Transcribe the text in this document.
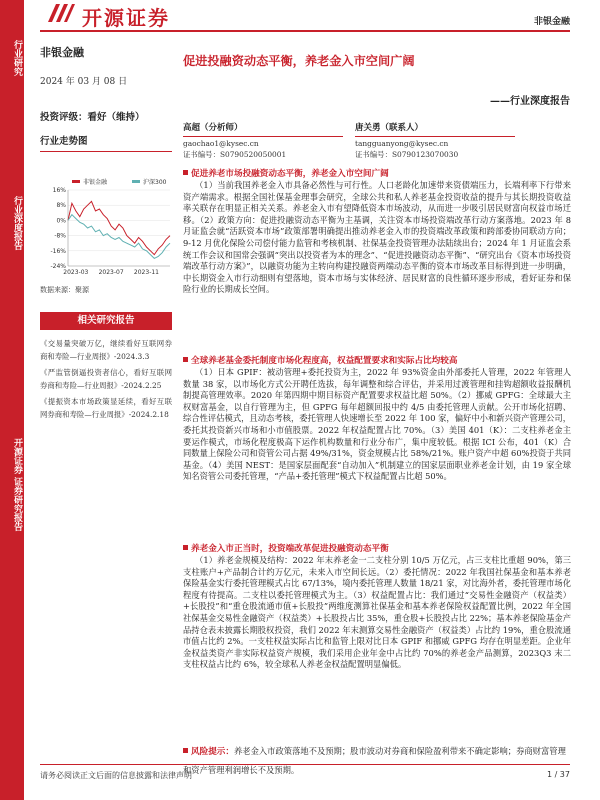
行业研究
行业深度报告
开源证券 证券研究报告
开源证券	非银金融
非银金融
2024 年 03 月 08 日
投资评级：看好（维持）
行业走势图
16%
8%
0%
-8%
-16%
-24%
2023-03 2023-07 2023-11
非银金融	沪深300
数据来源：聚源
相关研究报告
《交易量突破万亿，继续看好互联网券商和寿险—行业周报》-2024.3.3
《严监管倒逼投资者信心，看好互联网券商和寿险—行业周报》-2024.2.25
《提振资本市场政策显延续，看好互联网券商和寿险—行业周报》-2024.2.18
促进投融资动态平衡，养老金入市空间广阔
——行业深度报告
高超（分析师）
gaochao1@kysec.cn
证书编号：S0790520050001
唐关勇（联系人）
tangguanyong@kysec.cn
证书编号：S0790123070030
促进养老市场投融资动态平衡，养老金入市空间广阔
（1）当前我国养老金入市具备必然性与可行性。人口老龄化加速带来资债端压力，长端利率下行带来资产端需求。根据全国社保基金理事会研究，全球公共和私人养老基金投资收益的提升与其长期投资收益率关联存在明显正相关关系。养老金入市有望降低资本市场波动，从而进一步吸引居民财富向权益市场迁移。（2）政策方向：促进投融资动态平衡为主基调，关注资本市场投资端改革行动方案落地。2023 年 8 月证监会就“活跃资本市场”政策部署明确提出推动养老金入市的投资端改革政策和跨部委协同联动方向；9-12 月优化保险公司偿付能力监管和考核机制、社保基金投资管理办法陆续出台；2024 年 1 月证监会系统工作会议和国常会强调“突出以投资者为本的理念”、“促进投融资动态平衡”、“研究出台《资本市场投资端改革行动方案》”，以融资功能为主转向构建投融资两端动态平衡的资本市场改革目标得到进一步明确，中长期资金入市行动细则有望落地，资本市场与实体经济、居民财富的良性循环逐步形成，看好证券和保险行业的长期成长空间。
全球养老基金委托制度市场化程度高，权益配置要求和实际占比均较高
（1）日本 GPIF：被动管理+委托投资为主，2022 年 93%资金由外部委托人管理，2022 年管理人数量 38 家，以市场化方式公开聘任选拔，每年调整和综合评估，并采用过渡管理和挂钩超额收益报酬机制提高管理效率。2020 年第四期中期目标资产配置要求权益比超 50%。（2）挪威 GPFG：全球最大主权财富基金，以自行管理为主，但 GPFG 每年超额回报中约 4/5 由委托管理人贡献。公开市场化招聘、综合性评估模式，且动态考核，委托管理人快速增长至 2022 年 100 家，偏好中小和新兴资产管理公司，委托其投资新兴市场和小市值股票。2022 年权益配置占比 70%。（3）美国 401（K）：二支柱养老金主要运作模式，市场化程度极高下运作机构数量和行业分布广，集中度较低。根据 ICI 公布，401（K）合同数量上保险公司和资管公司占据 49%/31%，资金规模占比 58%/21%。账户资产中超 60%投资于共同基金。（4）美国 NEST：是国家层面配套“自动加入”机制建立的国家层面职业养老金计划，由 19 家全球知名资管公司委托管理，“产品+委托管理”模式下权益配置占比超 50%。
养老金入市正当时，投资端改革促进投融资动态平衡
（1）养老金规模及结构：2022 年末养老金一二支柱分别 10/5 万亿元，占三支柱比重超 90%，第三支柱账户+产品制合计约万亿元，未来入市空间长远。（2）委托情况：2022 年我国社保基金和基本养老保险基金实行委托管理模式占比 67/13%，境内委托管理人数量 18/21 家，对比海外者，委托管理市场化程度有待提高。二支柱以委托管理模式为主。（3）权益配置占比：我们通过“交易性金融资产（权益类）+长股投”和“重仓股流通市值+长股投”两维度测算社保基金和基本养老保险权益配置比例，2022 年全国社保基金交易性金融资产（权益类）+长股投占比 35%，重仓股+长股投占比 22%；基本养老保险基金产品持仓表未披露长期股权投资，我们 2022 年末测算交易性金融资产（权益类）占比约 19%，重仓股流通市值占比约 2%。一支柱权益实际占比和监管上限对比日本 GPIF 和挪威 GPFG 均存在明显差距。企业年金权益类资产非实际权益资产规模，我们采用企业年金中占比约 70%的养老金产品测算，2023Q3 末二支柱权益占比约 6%，较全球私人养老金权益配置明显偏低。
风险提示：养老金入市政策落地不及预期；股市波动对券商和保险盈利带来不确定影响；券商财富管理和资产管理利润增长不及预期。
请务必阅读正文后面的信息披露和法律声明	1 / 37
